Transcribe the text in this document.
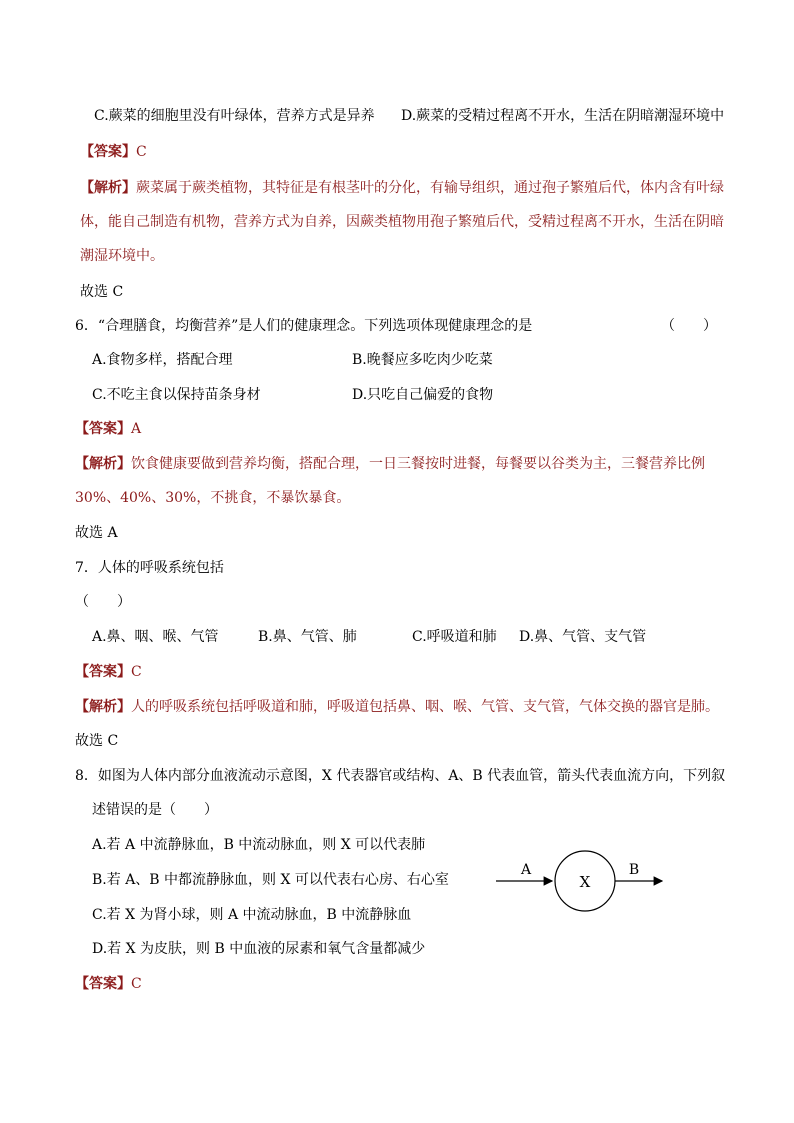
C.蕨菜的细胞里没有叶绿体，营养方式是异养 D.蕨菜的受精过程离不开水，生活在阴暗潮湿环境中
【答案】C
【解析】蕨菜属于蕨类植物，其特征是有根茎叶的分化，有输导组织，通过孢子繁殖后代，体内含有叶绿
体，能自己制造有机物，营养方式为自养，因蕨类植物用孢子繁殖后代，受精过程离不开水，生活在阴暗
潮湿环境中。
故选 C
6．“合理膳食，均衡营养”是人们的健康理念。下列选项体现健康理念的是	（　　）
A.食物多样，搭配合理	B.晚餐应多吃肉少吃菜
C.不吃主食以保持苗条身材	D.只吃自己偏爱的食物
【答案】A
【解析】饮食健康要做到营养均衡，搭配合理，一日三餐按时进餐，每餐要以谷类为主，三餐营养比例
30%、40%、30%，不挑食，不暴饮暴食。
故选 A
7．人体的呼吸系统包括
（　　）
A.鼻、咽、喉、气管	B.鼻、气管、肺	C.呼吸道和肺 D.鼻、气管、支气管
【答案】C
【解析】人的呼吸系统包括呼吸道和肺，呼吸道包括鼻、咽、喉、气管、支气管，气体交换的器官是肺。
故选 C
8．如图为人体内部分血液流动示意图，X 代表器官或结构、A、B 代表血管，箭头代表血流方向，下列叙
述错误的是（　　）
A.若 A 中流静脉血，B 中流动脉血，则 X 可以代表肺
B.若 A、B 中都流静脉血，则 X 可以代表右心房、右心室
C.若 X 为肾小球，则 A 中流动脉血，B 中流静脉血
D.若 X 为皮肤，则 B 中血液的尿素和氧气含量都减少
【答案】C
A
X
B
